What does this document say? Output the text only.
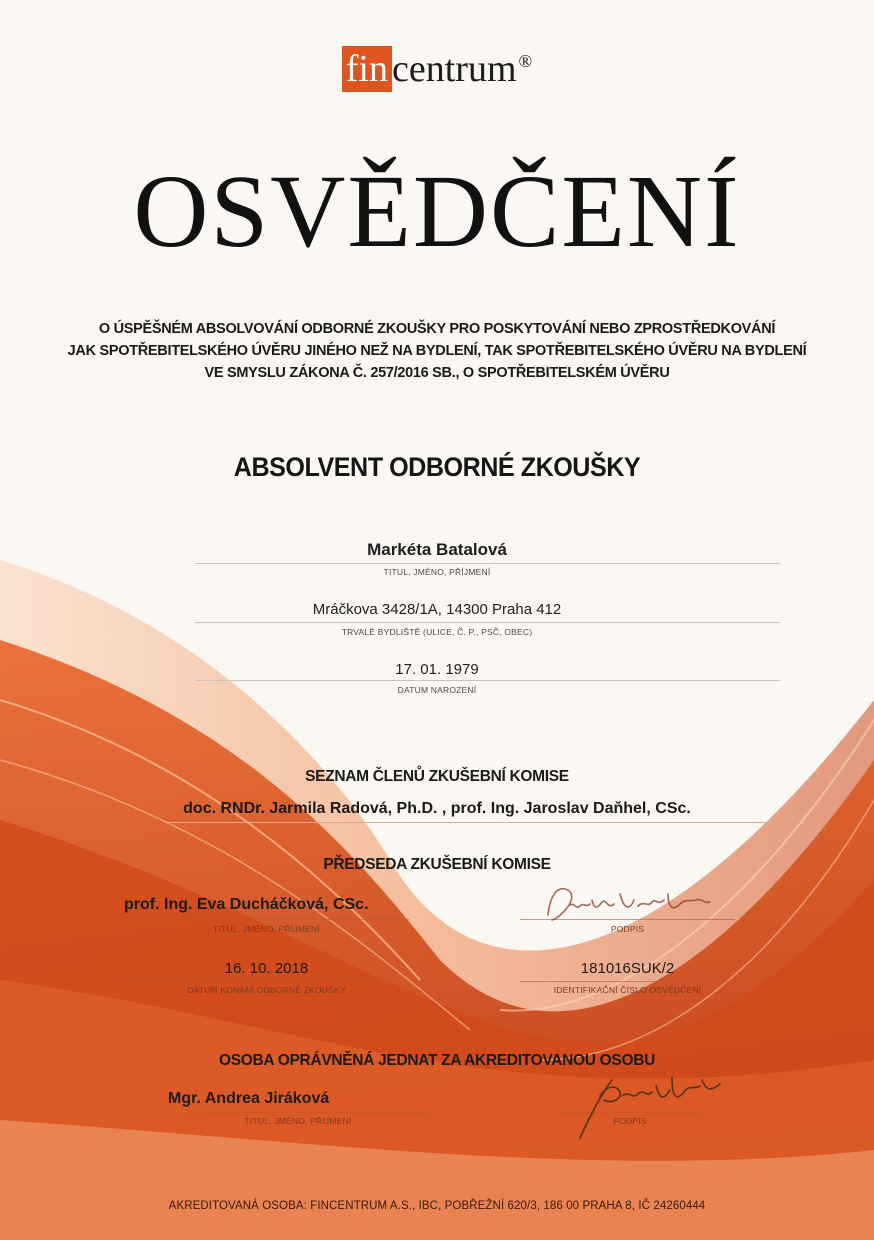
fin centrum ®
OSVĚDČENÍ
O ÚSPĚŠNÉM ABSOLVOVÁNÍ ODBORNÉ ZKOUŠKY PRO POSKYTOVÁNÍ NEBO ZPROSTŘEDKOVÁNÍ
JAK SPOTŘEBITELSKÉHO ÚVĚRU JINÉHO NEŽ NA BYDLENÍ, TAK SPOTŘEBITELSKÉHO ÚVĚRU NA BYDLENÍ
VE SMYSLU ZÁKONA Č. 257/2016 SB., O SPOTŘEBITELSKÉM ÚVĚRU
ABSOLVENT ODBORNÉ ZKOUŠKY
Markéta Batalová
TITUL, JMÉNO, PŘÍJMENÍ
Mráčkova 3428/1A, 14300 Praha 412
TRVALÉ BYDLIŠTĚ (ULICE, Č. P., PSČ, OBEC)
17. 01. 1979
DATUM NAROZENÍ
SEZNAM ČLENŮ ZKUŠEBNÍ KOMISE
doc. RNDr. Jarmila Radová, Ph.D. , prof. Ing. Jaroslav Daňhel, CSc.
PŘEDSEDA ZKUŠEBNÍ KOMISE
prof. Ing. Eva Ducháčková, CSc.
TITUL, JMÉNO, PŘÍJMENÍ	PODPIS
16. 10. 2018
DATUM KONÁNÍ ODBORNÉ ZKOUŠKY
181016SUK/2
IDENTIFIKAČNÍ ČÍSLO OSVĚDČENÍ
OSOBA OPRÁVNĚNÁ JEDNAT ZA AKREDITOVANOU OSOBU
Mgr. Andrea Jiráková
TITUL, JMÉNO, PŘÍJMENÍ	PODPIS
AKREDITOVANÁ OSOBA: FINCENTRUM A.S., IBC, POBŘEŽNÍ 620/3, 186 00 PRAHA 8, IČ 24260444
